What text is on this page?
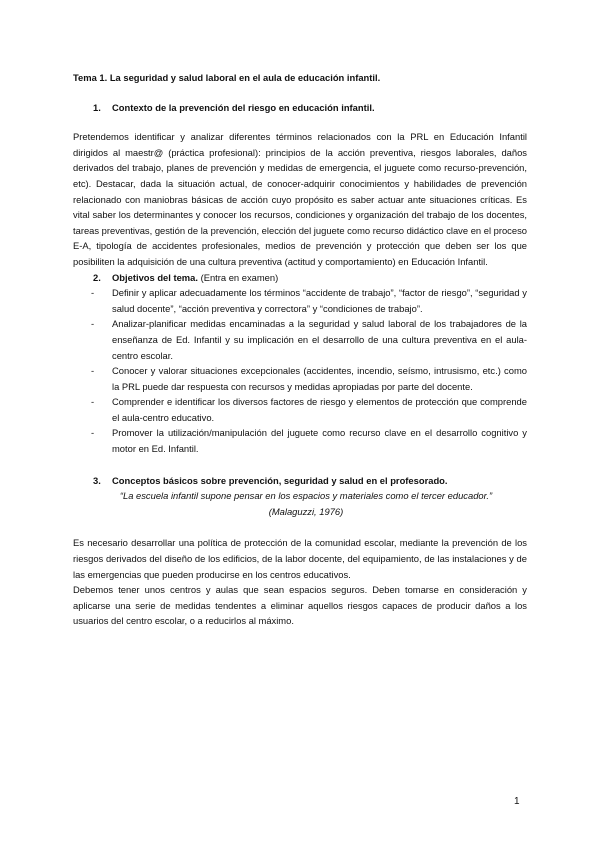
Tema 1. La seguridad y salud laboral en el aula de educación infantil.

1.	Contexto de la prevención del riesgo en educación infantil.

Pretendemos identificar y analizar diferentes términos relacionados con la PRL en Educación Infantil dirigidos al maestr@ (práctica profesional): principios de la acción preventiva, riesgos laborales, daños derivados del trabajo, planes de prevención y medidas de emergencia, el juguete como recurso-prevención, etc). Destacar, dada la situación actual, de conocer-adquirir conocimientos y habilidades de prevención relacionado con maniobras básicas de acción cuyo propósito es saber actuar ante situaciones críticas. Es vital saber los determinantes y conocer los recursos, condiciones y organización del trabajo de los docentes, tareas preventivas, gestión de la prevención, elección del juguete como recurso didáctico clave en el proceso E-A, tipología de accidentes profesionales, medios de prevención y protección que deben ser los que posibiliten la adquisición de una cultura preventiva (actitud y comportamiento) en Educación Infantil.

2.	Objetivos del tema. (Entra en examen)
-	Definir y aplicar adecuadamente los términos “accidente de trabajo”, “factor de riesgo”, “seguridad y salud docente”, “acción preventiva y correctora” y “condiciones de trabajo”.
-	Analizar-planificar medidas encaminadas a la seguridad y salud laboral de los trabajadores de la enseñanza de Ed. Infantil y su implicación en el desarrollo de una cultura preventiva en el aula-centro escolar.
-	Conocer y valorar situaciones excepcionales (accidentes, incendio, seísmo, intrusismo, etc.) como la PRL puede dar respuesta con recursos y medidas apropiadas por parte del docente.
-	Comprender e identificar los diversos factores de riesgo y elementos de protección que comprende el aula-centro educativo.
-	Promover la utilización/manipulación del juguete como recurso clave en el desarrollo cognitivo y motor en Ed. Infantil.
3.	Conceptos básicos sobre prevención, seguridad y salud en el profesorado.

“La escuela infantil supone pensar en los espacios y materiales como el tercer educador.”

(Malaguzzi, 1976)

Es necesario desarrollar una política de protección de la comunidad escolar, mediante la prevención de los riesgos derivados del diseño de los edificios, de la labor docente, del equipamiento, de las instalaciones y de las emergencias que pueden producirse en los centros educativos.

Debemos tener unos centros y aulas que sean espacios seguros. Deben tomarse en consideración y aplicarse una serie de medidas tendentes a eliminar aquellos riesgos capaces de producir daños a los usuarios del centro escolar, o a reducirlos al máximo.

1
